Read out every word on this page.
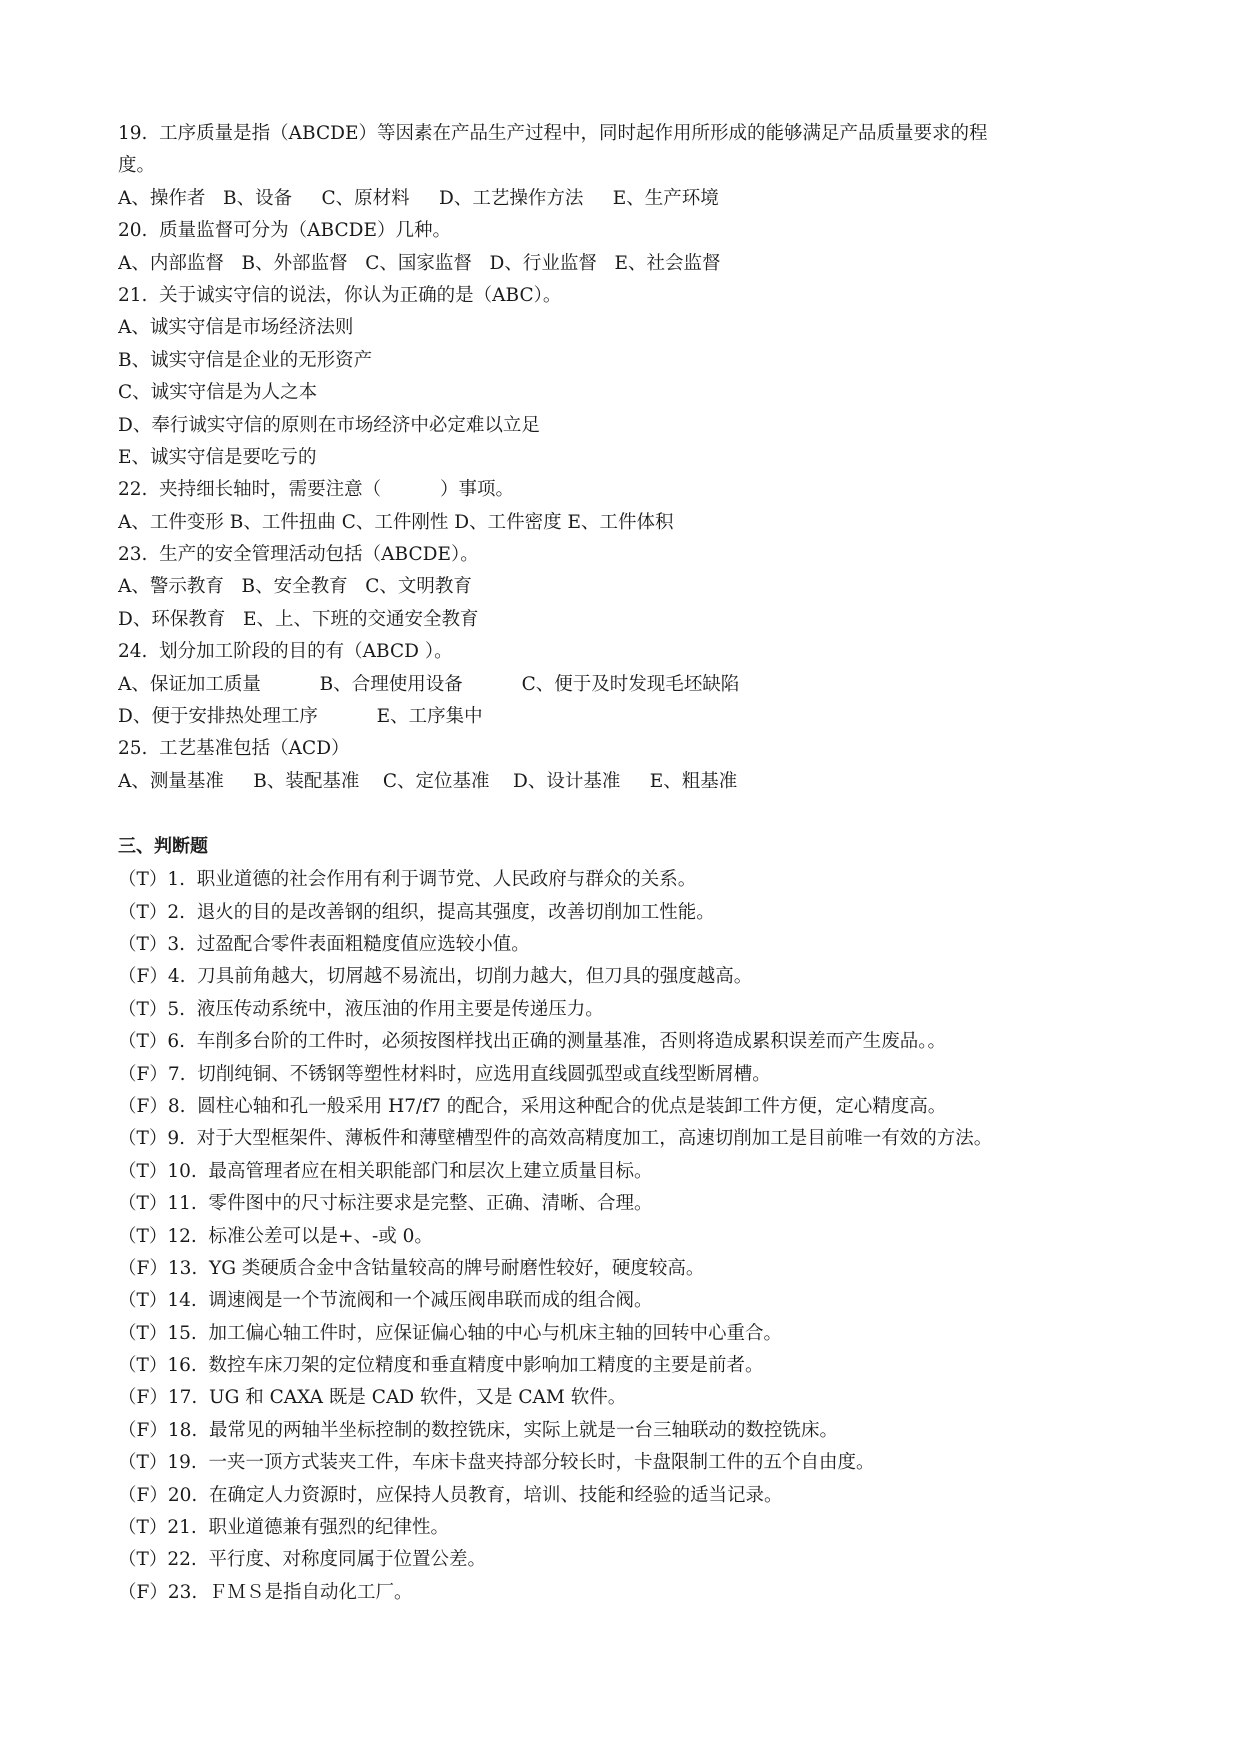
19.  工序质量是指（ABCDE）等因素在产品生产过程中，同时起作用所形成的能够满足产品质量要求的程
度。
A、操作者   B、设备     C、原材料     D、工艺操作方法     E、生产环境
20.  质量监督可分为（ABCDE）几种。
A、内部监督   B、外部监督   C、国家监督   D、行业监督   E、社会监督
21.  关于诚实守信的说法，你认为正确的是（ABC）。
A、诚实守信是市场经济法则
B、诚实守信是企业的无形资产
C、诚实守信是为人之本
D、奉行诚实守信的原则在市场经济中必定难以立足
E、诚实守信是要吃亏的
22.  夹持细长轴时，需要注意（          ）事项。
A、工件变形 B、工件扭曲 C、工件刚性 D、工件密度 E、工件体积
23.  生产的安全管理活动包括（ABCDE）。
A、警示教育   B、安全教育   C、文明教育
D、环保教育   E、上、下班的交通安全教育
24.  划分加工阶段的目的有（ABCD ）。
A、保证加工质量          B、合理使用设备          C、便于及时发现毛坯缺陷
D、便于安排热处理工序          E、工序集中
25.  工艺基准包括（ACD）
A、测量基准     B、装配基准    C、定位基准    D、设计基准     E、粗基准
三、判断题
（T）1.  职业道德的社会作用有利于调节党、人民政府与群众的关系。
（T）2.  退火的目的是改善钢的组织，提高其强度，改善切削加工性能。
（T）3.  过盈配合零件表面粗糙度值应选较小值。
（F）4.  刀具前角越大，切屑越不易流出，切削力越大，但刀具的强度越高。
（T）5.  液压传动系统中，液压油的作用主要是传递压力。
（T）6.  车削多台阶的工件时，必须按图样找出正确的测量基准，否则将造成累积误差而产生废品。。
（F）7.  切削纯铜、不锈钢等塑性材料时，应选用直线圆弧型或直线型断屑槽。
（F）8.  圆柱心轴和孔一般采用 H7/f7 的配合，采用这种配合的优点是装卸工件方便，定心精度高。
（T）9.  对于大型框架件、薄板件和薄壁槽型件的高效高精度加工，高速切削加工是目前唯一有效的方法。
（T）10.  最高管理者应在相关职能部门和层次上建立质量目标。
（T）11.  零件图中的尺寸标注要求是完整、正确、清晰、合理。
（T）12.  标准公差可以是+、-或 0。
（F）13.  YG 类硬质合金中含钴量较高的牌号耐磨性较好，硬度较高。
（T）14.  调速阀是一个节流阀和一个减压阀串联而成的组合阀。
（T）15.  加工偏心轴工件时，应保证偏心轴的中心与机床主轴的回转中心重合。
（T）16.  数控车床刀架的定位精度和垂直精度中影响加工精度的主要是前者。
（F）17.  UG 和 CAXA 既是 CAD 软件，又是 CAM 软件。
（F）18.  最常见的两轴半坐标控制的数控铣床，实际上就是一台三轴联动的数控铣床。
（T）19.  一夹一顶方式装夹工件，车床卡盘夹持部分较长时，卡盘限制工件的五个自由度。
（F）20.  在确定人力资源时，应保持人员教育，培训、技能和经验的适当记录。
（T）21.  职业道德兼有强烈的纪律性。
（T）22.  平行度、对称度同属于位置公差。
（F）23.  ＦＭＳ是指自动化工厂。
